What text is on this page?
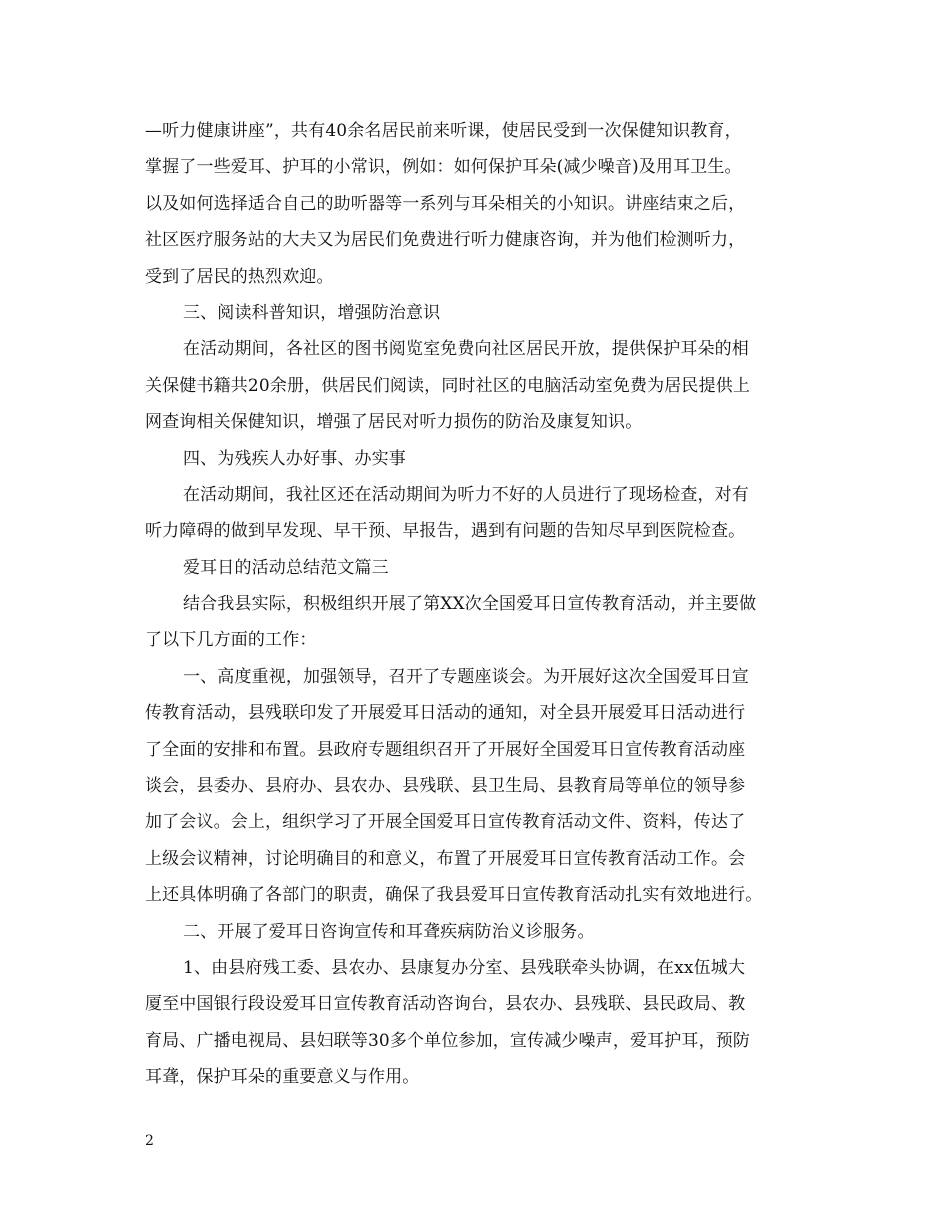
—听力健康讲座”，共有40余名居民前来听课，使居民受到一次保健知识教育，
掌握了一些爱耳、护耳的小常识，例如：如何保护耳朵(减少噪音)及用耳卫生。
以及如何选择适合自己的助听器等一系列与耳朵相关的小知识。讲座结束之后，
社区医疗服务站的大夫又为居民们免费进行听力健康咨询，并为他们检测听力，
受到了居民的热烈欢迎。
三、阅读科普知识，增强防治意识
在活动期间，各社区的图书阅览室免费向社区居民开放，提供保护耳朵的相
关保健书籍共20余册，供居民们阅读，同时社区的电脑活动室免费为居民提供上
网查询相关保健知识，增强了居民对听力损伤的防治及康复知识。
四、为残疾人办好事、办实事
在活动期间，我社区还在活动期间为听力不好的人员进行了现场检查，对有
听力障碍的做到早发现、早干预、早报告，遇到有问题的告知尽早到医院检查。
爱耳日的活动总结范文篇三
结合我县实际，积极组织开展了第XX次全国爱耳日宣传教育活动，并主要做
了以下几方面的工作：
一、高度重视，加强领导，召开了专题座谈会。为开展好这次全国爱耳日宣
传教育活动，县残联印发了开展爱耳日活动的通知，对全县开展爱耳日活动进行
了全面的安排和布置。县政府专题组织召开了开展好全国爱耳日宣传教育活动座
谈会，县委办、县府办、县农办、县残联、县卫生局、县教育局等单位的领导参
加了会议。会上，组织学习了开展全国爱耳日宣传教育活动文件、资料，传达了
上级会议精神，讨论明确目的和意义，布置了开展爱耳日宣传教育活动工作。会
上还具体明确了各部门的职责，确保了我县爱耳日宣传教育活动扎实有效地进行。
二、开展了爱耳日咨询宣传和耳聋疾病防治义诊服务。
1、由县府残工委、县农办、县康复办分室、县残联牵头协调，在xx伍城大
厦至中国银行段设爱耳日宣传教育活动咨询台，县农办、县残联、县民政局、教
育局、广播电视局、县妇联等30多个单位参加，宣传减少噪声，爱耳护耳，预防
耳聋，保护耳朵的重要意义与作用。
2
